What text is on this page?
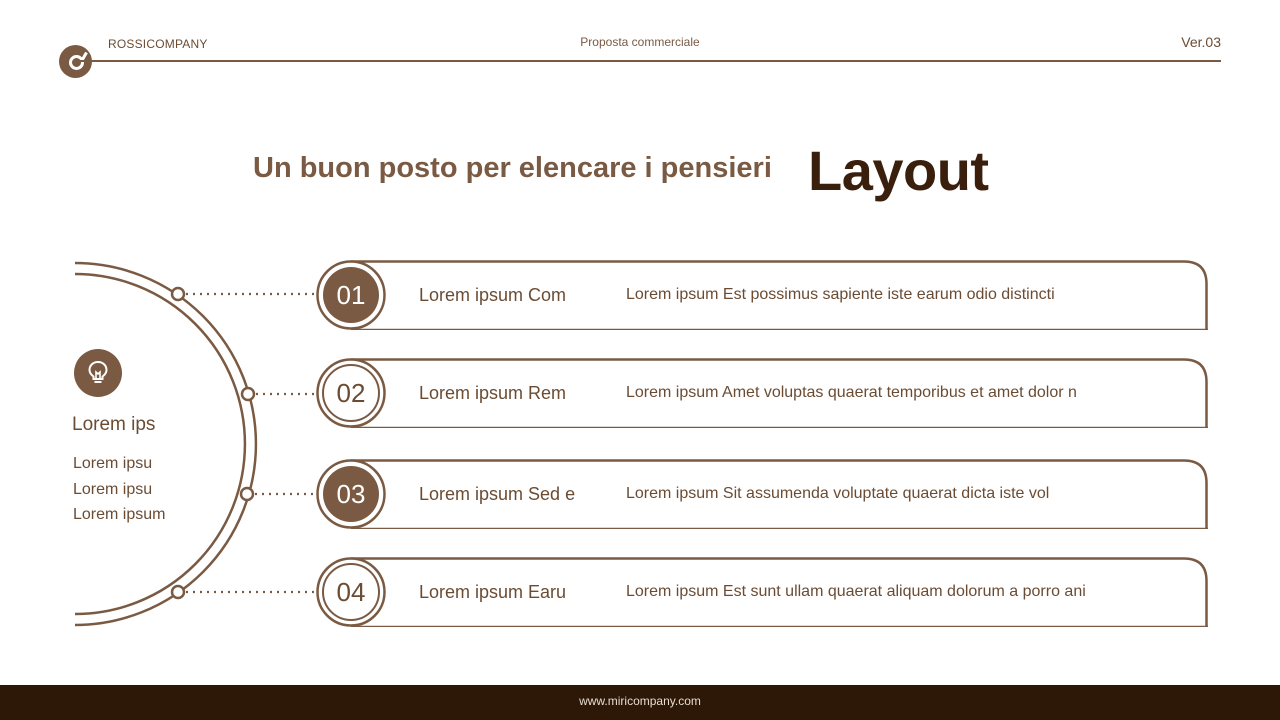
ROSSICOMPANY	Proposta commerciale	Ver.03
Un buon posto per elencare i pensieri Layout
Lorem ips
Lorem ipsu
Lorem ipsu
Lorem ipsum
01	Lorem ipsum Com	Lorem ipsum Est possimus sapiente iste earum odio distincti
02	Lorem ipsum Rem	Lorem ipsum Amet voluptas quaerat temporibus et amet dolor n
03	Lorem ipsum Sed e	Lorem ipsum Sit assumenda voluptate quaerat dicta iste vol
04	Lorem ipsum Earu	Lorem ipsum Est sunt ullam quaerat aliquam dolorum a porro ani
www.miricompany.com
